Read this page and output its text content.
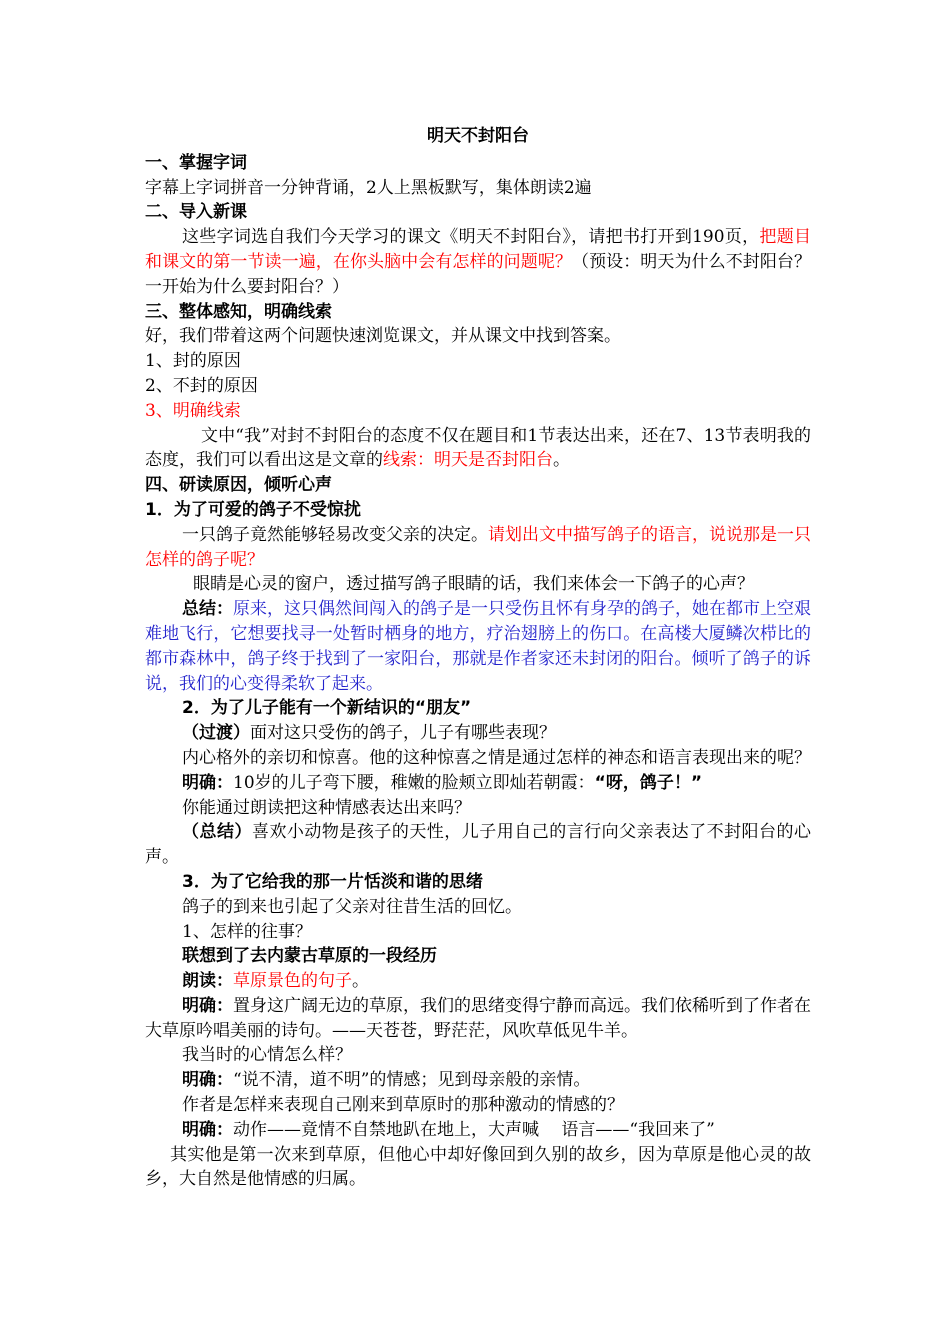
明天不封阳台
一、掌握字词

字幕上字词拼音一分钟背诵，2人上黑板默写，集体朗读2遍

二、导入新课

这些字词选自我们今天学习的课文《明天不封阳台》，请把书打开到190页，把题目和课文的第一节读一遍，在你头脑中会有怎样的问题呢？（预设：明天为什么不封阳台？一开始为什么要封阳台？）

三、整体感知，明确线索

好，我们带着这两个问题快速浏览课文，并从课文中找到答案。

1、封的原因

2、不封的原因

3、明确线索

文中“我”对封不封阳台的态度不仅在题目和1节表达出来，还在7、13节表明我的态度，我们可以看出这是文章的线索：明天是否封阳台。

四、研读原因，倾听心声
1．为了可爱的鸽子不受惊扰

一只鸽子竟然能够轻易改变父亲的决定。请划出文中描写鸽子的语言，说说那是一只怎样的鸽子呢？

眼睛是心灵的窗户，透过描写鸽子眼睛的话，我们来体会一下鸽子的心声？

总结：原来，这只偶然间闯入的鸽子是一只受伤且怀有身孕的鸽子，她在都市上空艰难地飞行，它想要找寻一处暂时栖身的地方，疗治翅膀上的伤口。在高楼大厦鳞次栉比的都市森林中，鸽子终于找到了一家阳台，那就是作者家还未封闭的阳台。倾听了鸽子的诉说，我们的心变得柔软了起来。

2．为了儿子能有一个新结识的“朋友”

（过渡）面对这只受伤的鸽子，儿子有哪些表现？

内心格外的亲切和惊喜。他的这种惊喜之情是通过怎样的神态和语言表现出来的呢？

明确：10岁的儿子弯下腰，稚嫩的脸颊立即灿若朝霞：“呀，鸽子！”

你能通过朗读把这种情感表达出来吗？

（总结）喜欢小动物是孩子的天性，儿子用自己的言行向父亲表达了不封阳台的心声。

3．为了它给我的那一片恬淡和谐的思绪

鸽子的到来也引起了父亲对往昔生活的回忆。

1、怎样的往事？

联想到了去内蒙古草原的一段经历

朗读：草原景色的句子。

明确：置身这广阔无边的草原，我们的思绪变得宁静而高远。我们依稀听到了作者在大草原吟唱美丽的诗句。——天苍苍，野茫茫，风吹草低见牛羊。

我当时的心情怎么样？

明确：“说不清，道不明”的情感；见到母亲般的亲情。

作者是怎样来表现自己刚来到草原时的那种激动的情感的？

明确：动作——竟情不自禁地趴在地上，大声喊　 语言——“我回来了”

其实他是第一次来到草原，但他心中却好像回到久别的故乡，因为草原是他心灵的故乡，大自然是他情感的归属。
